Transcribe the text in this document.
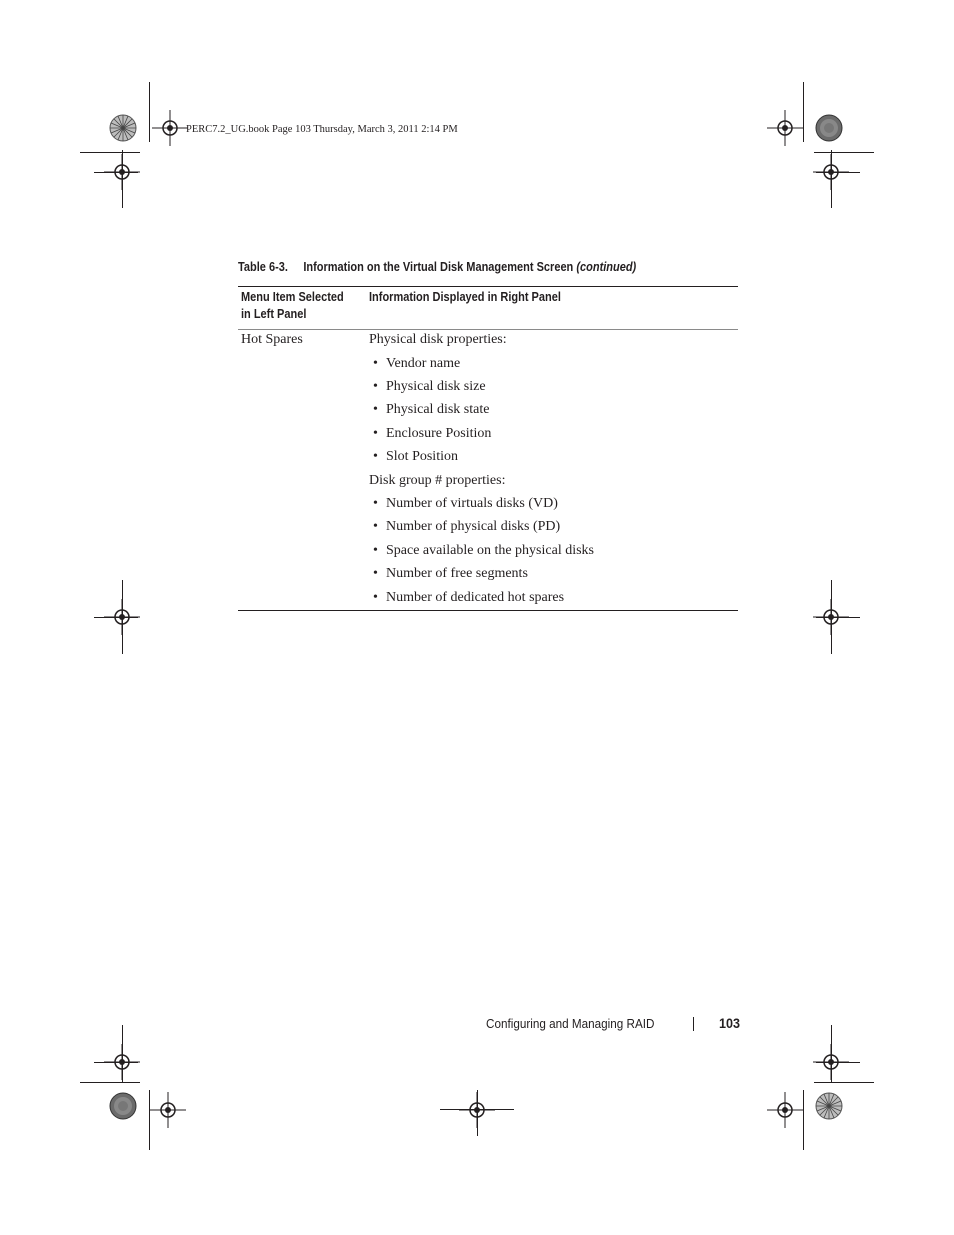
PERC7.2_UG.book Page 103 Thursday, March 3, 2011 2:14 PM
Table 6-3. Information on the Virtual Disk Management Screen (continued)
Menu Item Selected
in Left Panel
Information Displayed in Right Panel
Hot Spares	Physical disk properties:
• Vendor name
• Physical disk size
• Physical disk state
• Enclosure Position
• Slot Position
Disk group # properties:
• Number of virtuals disks (VD)
• Number of physical disks (PD)
• Space available on the physical disks
• Number of free segments
• Number of dedicated hot spares
Configuring and Managing RAID	103
